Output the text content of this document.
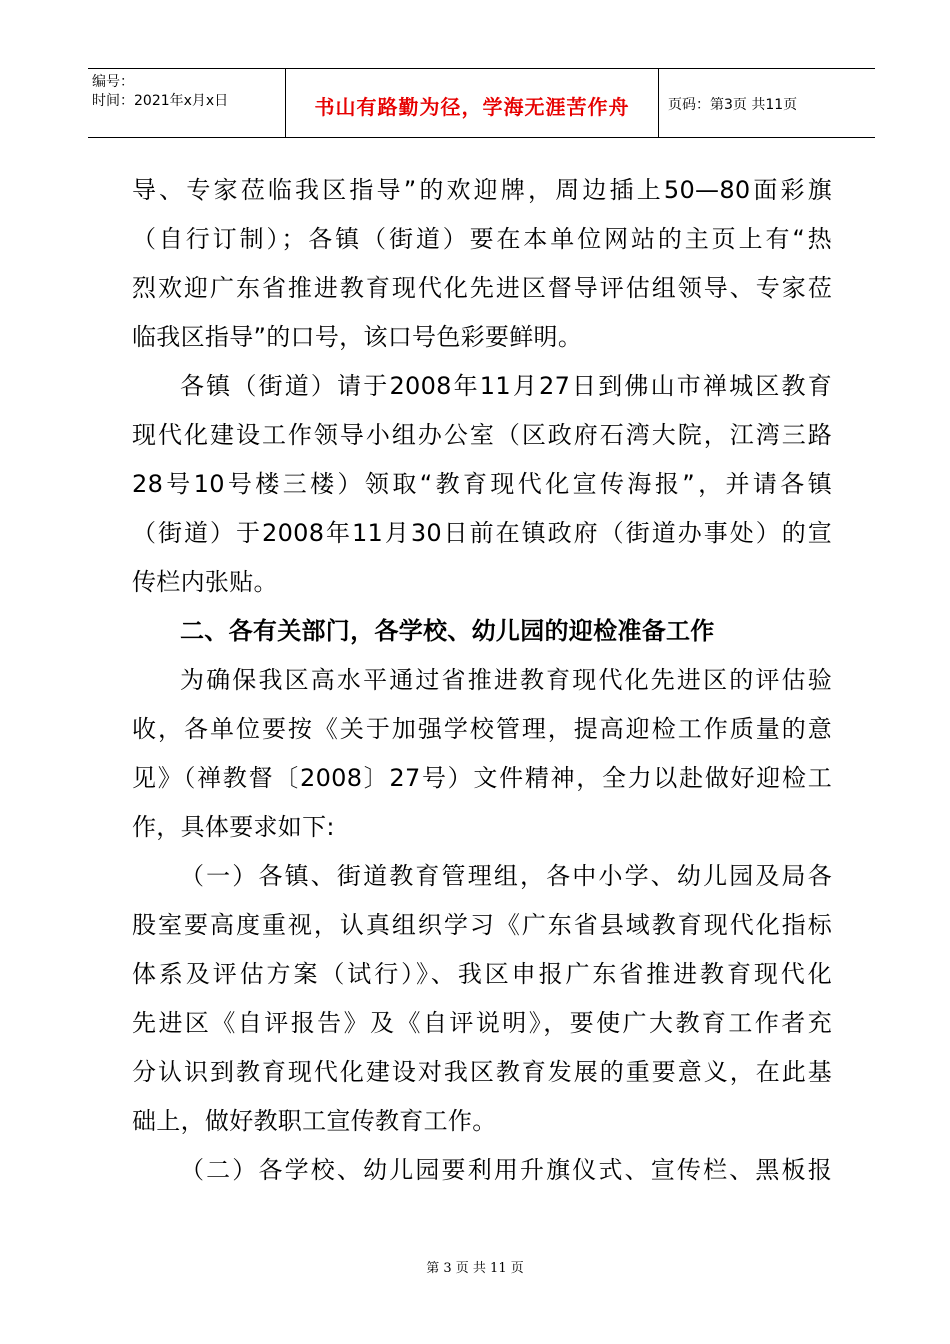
编号：
时间：2021年x月x日	书山有路勤为径，学海无涯苦作舟	页码：第3页 共11页

导、专家莅临我区指导”的欢迎牌，周边插上50—80面彩旗

（自行订制）；各镇（街道）要在本单位网站的主页上有“热

烈欢迎广东省推进教育现代化先进区督导评估组领导、专家莅

临我区指导”的口号，该口号色彩要鲜明。

各镇（街道）请于2008年11月27日到佛山市禅城区教育

现代化建设工作领导小组办公室（区政府石湾大院，江湾三路

28号10号楼三楼）领取“教育现代化宣传海报”，并请各镇

（街道）于2008年11月30日前在镇政府（街道办事处）的宣

传栏内张贴。

二、各有关部门，各学校、幼儿园的迎检准备工作

为确保我区高水平通过省推进教育现代化先进区的评估验

收，各单位要按《关于加强学校管理，提高迎检工作质量的意

见》（禅教督〔2008〕27号）文件精神，全力以赴做好迎检工

作，具体要求如下:

（一）各镇、街道教育管理组，各中小学、幼儿园及局各

股室要高度重视，认真组织学习《广东省县域教育现代化指标

体系及评估方案（试行）》、我区申报广东省推进教育现代化

先进区《自评报告》及《自评说明》，要使广大教育工作者充

分认识到教育现代化建设对我区教育发展的重要意义，在此基

础上，做好教职工宣传教育工作。

（二）各学校、幼儿园要利用升旗仪式、宣传栏、黑板报

第 3 页 共 11 页
